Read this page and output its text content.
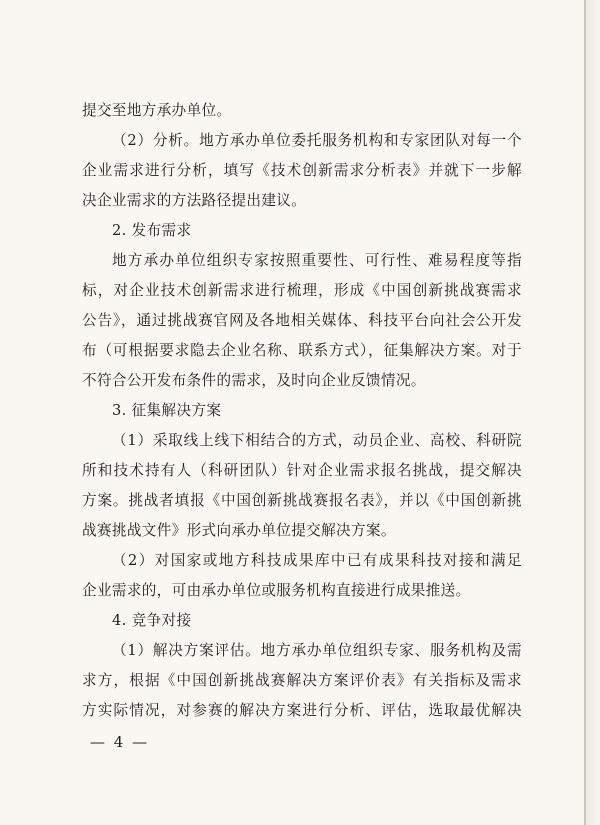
提交至地方承办单位。
（2）分析。地方承办单位委托服务机构和专家团队对每一个
企业需求进行分析，填写《技术创新需求分析表》并就下一步解
决企业需求的方法路径提出建议。
2. 发布需求
地方承办单位组织专家按照重要性、可行性、难易程度等指
标，对企业技术创新需求进行梳理，形成《中国创新挑战赛需求
公告》，通过挑战赛官网及各地相关媒体、科技平台向社会公开发
布（可根据要求隐去企业名称、联系方式），征集解决方案。对于
不符合公开发布条件的需求，及时向企业反馈情况。
3. 征集解决方案
（1）采取线上线下相结合的方式，动员企业、高校、科研院
所和技术持有人（科研团队）针对企业需求报名挑战，提交解决
方案。挑战者填报《中国创新挑战赛报名表》，并以《中国创新挑
战赛挑战文件》形式向承办单位提交解决方案。
（2）对国家或地方科技成果库中已有成果科技对接和满足
企业需求的，可由承办单位或服务机构直接进行成果推送。
4. 竞争对接
（1）解决方案评估。地方承办单位组织专家、服务机构及需
求方，根据《中国创新挑战赛解决方案评价表》有关指标及需求
方实际情况，对参赛的解决方案进行分析、评估，选取最优解决
— 4 —
